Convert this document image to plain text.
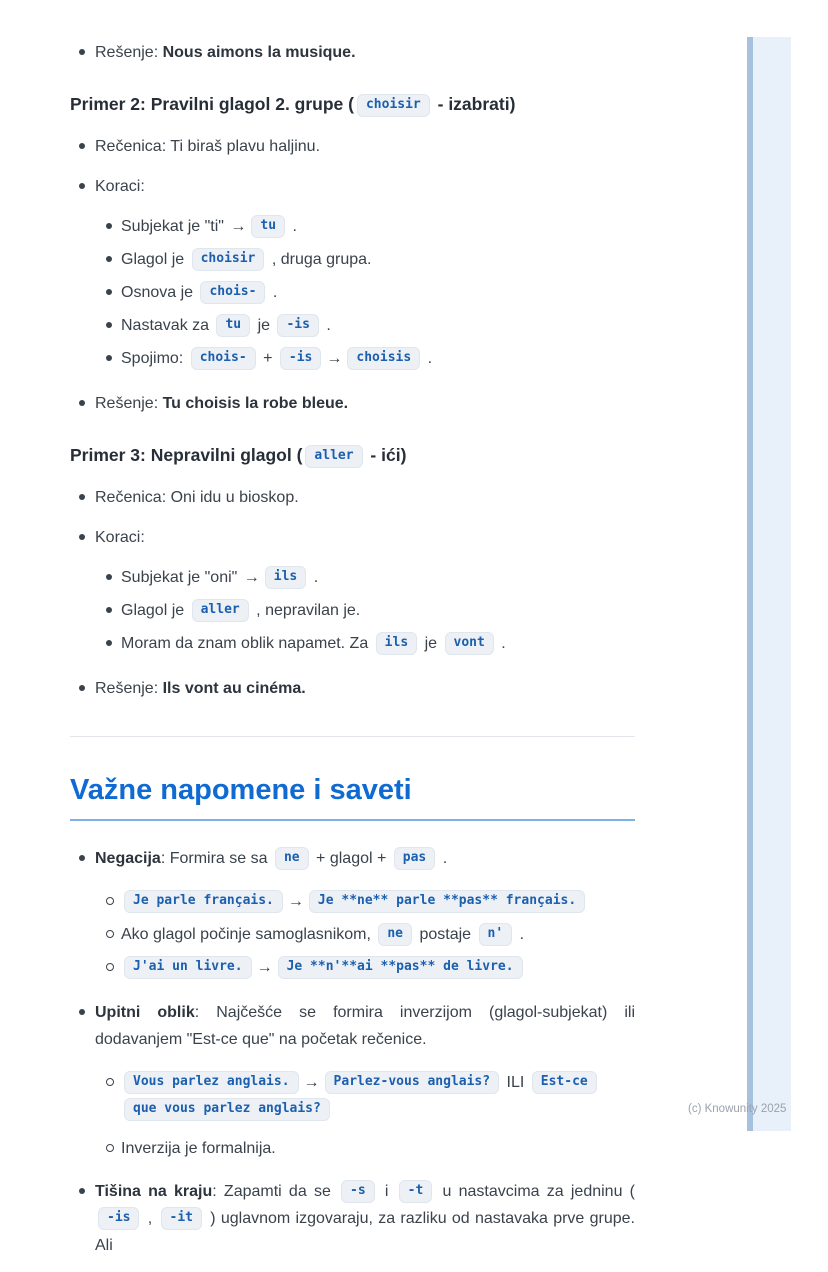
Rešenje: Nous aimons la musique.
Primer 2: Pravilni glagol 2. grupe ( choisir - izabrati)
Rečenica: Ti biraš plavu haljinu.
Koraci:
Subjekat je "ti" → tu .
Glagol je choisir , druga grupa.
Osnova je chois- .
Nastavak za tu je -is .
Spojimo: chois- + -is → choisis .
Rešenje: Tu choisis la robe bleue.
Primer 3: Nepravilni glagol ( aller - ići)
Rečenica: Oni idu u bioskop.
Koraci:
Subjekat je "oni" → ils .
Glagol je aller , nepravilan je.
Moram da znam oblik napamet. Za ils je vont .
Rešenje: Ils vont au cinéma.
Važne napomene i saveti
Negacija: Formira se sa ne + glagol + pas .
Je parle français. → Je **ne** parle **pas** français.
Ako glagol počinje samoglasnikom, ne postaje n' .
J'ai un livre. → Je **n'**ai **pas** de livre.
Upitni oblik: Najčešće se formira inverzijom (glagol-subjekat) ili dodavanjem "Est-ce que" na početak rečenice.
Vous parlez anglais. → Parlez-vous anglais? ILI Est-ce
que vous parlez anglais?
Inverzija je formalnija.
Tišina na kraju: Zapamti da se -s i -t u nastavcima za jedninu ( -is , -it ) uglavnom izgovaraju, za razliku od nastavaka prve grupe. Ali
(c) Knowunity 2025
